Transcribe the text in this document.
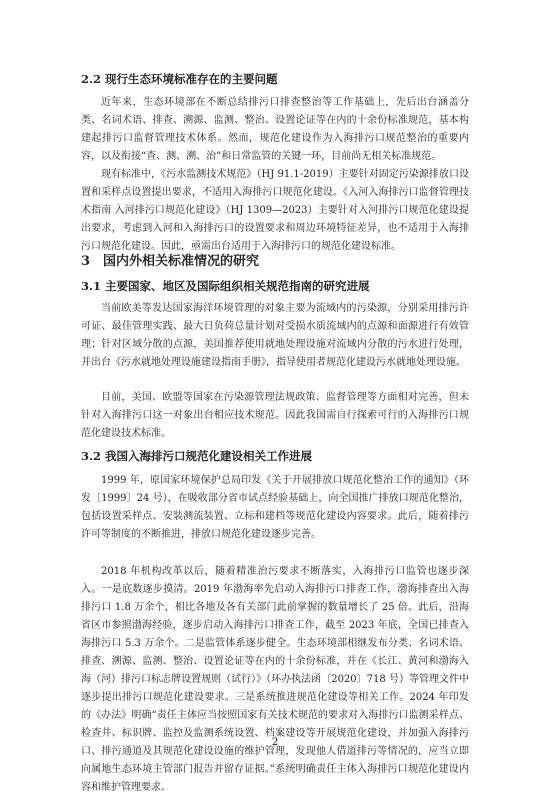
2.2 现行生态环境标准存在的主要问题

近年来，生态环境部在不断总结排污口排查整治等工作基础上，先后出台涵盖分类、名词术语、排查、溯源、监测、整治、设置论证等在内的十余份标准规范，基本构建起排污口监督管理技术体系。然而，规范化建设作为入海排污口规范整治的重要内容，以及衔接“查、测、溯、治”和日常监管的关键一环，目前尚无相关标准规范。

现有标准中，《污水监测技术规范》（HJ 91.1-2019）主要针对固定污染源排放口设置和采样点设置提出要求，不适用入海排污口规范化建设。《入河入海排污口监督管理技术指南 入河排污口规范化建设》（HJ 1309—2023）主要针对入河排污口规范化建设提出要求，考虑到入河和入海排污口的设置要求和周边环境特征差异，也不适用于入海排污口规范化建设。因此，亟需出台适用于入海排污口的规范化建设标准。

3　国内外相关标准情况的研究
3.1 主要国家、地区及国际组织相关规范指南的研究进展

当前欧美等发达国家海洋环境管理的对象主要为流域内的污染源，分别采用排污许可证、最佳管理实践、最大日负荷总量计划对受损水质流域内的点源和面源进行有效管理；针对区域分散的点源，美国推荐使用就地处理设施对流域内分散的污水进行处理，并出台《污水就地处理设施建设指南手册》，指导使用者规范化建设污水就地处理设施。

目前，美国、欧盟等国家在污染源管理法规政策、监督管理等方面相对完善，但未针对入海排污口这一对象出台相应技术规范。因此我国需自行探索可行的入海排污口规范化建设技术标准。

3.2 我国入海排污口规范化建设相关工作进展

1999 年，原国家环境保护总局印发《关于开展排放口规范化整治工作的通知》（环发〔1999〕24 号），在吸收部分省市试点经验基础上，向全国推广排放口规范化整治，包括设置采样点、安装测流装置、立标和建档等规范化建设内容要求。此后，随着排污许可等制度的不断推进，排放口规范化建设逐步完善。

2018 年机构改革以后，随着精准治污要求不断落实，入海排污口监管也逐步深入。一是底数逐步摸清。2019 年渤海率先启动入海排污口排查工作，渤海排查出入海排污口 1.8 万余个，相比各地及各有关部门此前掌握的数量增长了 25 倍。此后，沿海省区市参照渤海经验，逐步启动入海排污口排查工作，截至 2023 年底，全国已排查入海排污口 5.3 万余个。二是监管体系逐步健全。生态环境部相继发布分类、名词术语、排查、溯源、监测、整治、设置论证等在内的十余份标准，并在《长江、黄河和渤海入海（河）排污口标志牌设置规则（试行）》（环办执法函〔2020〕718 号）等管理文件中逐步提出排污口规范化建设要求。三是系统推进规范化建设等相关工作。2024 年印发的《办法》明确“责任主体应当按照国家有关技术规范的要求对入海排污口监测采样点、检查井、标识牌、监控及监测系统设置、档案建设等开展规范化建设，并加强入海排污口、排污通道及其规范化建设设施的维护管理，发现他人借道排污等情况的，应当立即向属地生态环境主管部门报告并留存证据。”系统明确责任主体入海排污口规范化建设内容和维护管理要求。

2
